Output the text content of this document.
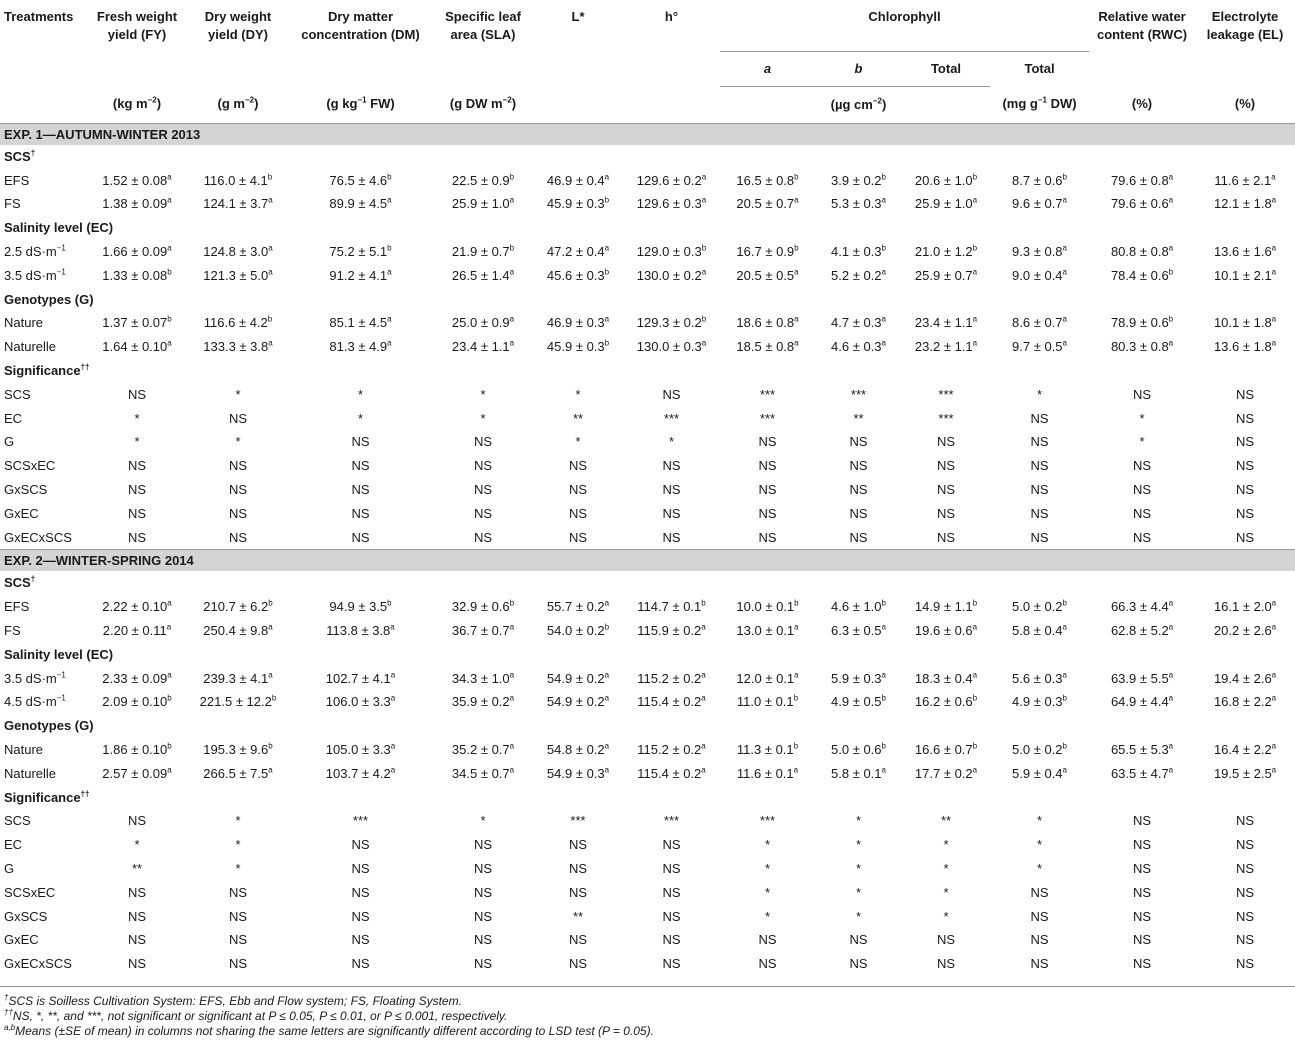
Treatments	Fresh weight yield (FY)	Dry weight yield (DY)	Dry matter concentration (DM)	Specific leaf area (SLA)	L*	h°	Chlorophyll				Relative water content (RWC)	Electrolyte leakage (EL)
							a	b	Total	Total		
	(kg $m^{-2}$)	(g $m^{-2}$)	(g $kg^{-1}$ FW)	(g DW $m^{-2}$)				(µg $cm^{-2}$)		(mg $g^{-1}$ DW)	(%)	(%)
EXP. 1—AUTUMN-WINTER 2013												
SCS†
EFS	1.52 ± 0.08$^a$	116.0 ± 4.1$^b$	76.5 ± 4.6$^b$	22.5 ± 0.9$^b$	46.9 ± 0.4$^a$	129.6 ± 0.2$^a$	16.5 ± 0.8$^b$	3.9 ± 0.2$^b$	20.6 ± 1.0$^b$	8.7 ± 0.6$^b$	79.6 ± 0.8$^a$	11.6 ± 2.1$^a$
FS	1.38 ± 0.09$^a$	124.1 ± 3.7$^a$	89.9 ± 4.5$^a$	25.9 ± 1.0$^a$	45.9 ± 0.3$^b$	129.6 ± 0.3$^a$	20.5 ± 0.7$^a$	5.3 ± 0.3$^a$	25.9 ± 1.0$^a$	9.6 ± 0.7$^a$	79.6 ± 0.6$^a$	12.1 ± 1.8$^a$
Salinity level (EC)												
2.5 $dS\cdot m^{-1}$	1.66 ± 0.09$^a$	124.8 ± 3.0$^a$	75.2 ± 5.1$^b$	21.9 ± 0.7$^b$	47.2 ± 0.4$^a$	129.0 ± 0.3$^b$	16.7 ± 0.9$^b$	4.1 ± 0.3$^b$	21.0 ± 1.2$^b$	9.3 ± 0.8$^a$	80.8 ± 0.8$^a$	13.6 ± 1.6$^a$
3.5 $dS\cdot m^{-1}$	1.33 ± 0.08$^b$	121.3 ± 5.0$^a$	91.2 ± 4.1$^a$	26.5 ± 1.4$^a$	45.6 ± 0.3$^b$	130.0 ± 0.2$^a$	20.5 ± 0.5$^a$	5.2 ± 0.2$^a$	25.9 ± 0.7$^a$	9.0 ± 0.4$^a$	78.4 ± 0.6$^b$	10.1 ± 2.1$^a$
Genotypes (G)												
Nature	1.37 ± 0.07$^b$	116.6 ± 4.2$^b$	85.1 ± 4.5$^a$	25.0 ± 0.9$^a$	46.9 ± 0.3$^a$	129.3 ± 0.2$^b$	18.6 ± 0.8$^a$	4.7 ± 0.3$^a$	23.4 ± 1.1$^a$	8.6 ± 0.7$^a$	78.9 ± 0.6$^b$	10.1 ± 1.8$^a$
Naturelle	1.64 ± 0.10$^a$	133.3 ± 3.8$^a$	81.3 ± 4.9$^a$	23.4 ± 1.1$^a$	45.9 ± 0.3$^b$	130.0 ± 0.3$^a$	18.5 ± 0.8$^a$	4.6 ± 0.3$^a$	23.2 ± 1.1$^a$	9.7 ± 0.5$^a$	80.3 ± 0.8$^a$	13.6 ± 1.8$^a$
Significance††
SCS	NS	*	*	*	*	NS	***	***	***	*	NS	NS
EC	*	NS	*	*	**	***	***	**	***	NS	*	NS
G	*	*	NS	NS	*	*	NS	NS	NS	NS	*	NS
SCSxEC	NS	NS	NS	NS	NS	NS	NS	NS	NS	NS	NS	NS
GxSCS	NS	NS	NS	NS	NS	NS	NS	NS	NS	NS	NS	NS
GxEC	NS	NS	NS	NS	NS	NS	NS	NS	NS	NS	NS	NS
GxECxSCS	NS	NS	NS	NS	NS	NS	NS	NS	NS	NS	NS	NS
EXP. 2—WINTER-SPRING 2014												
SCS†
EFS	2.22 ± 0.10$^a$	210.7 ± 6.2$^b$	94.9 ± 3.5$^b$	32.9 ± 0.6$^b$	55.7 ± 0.2$^a$	114.7 ± 0.1$^b$	10.0 ± 0.1$^b$	4.6 ± 1.0$^b$	14.9 ± 1.1$^b$	5.0 ± 0.2$^b$	66.3 ± 4.4$^a$	16.1 ± 2.0$^a$
FS	2.20 ± 0.11$^a$	250.4 ± 9.8$^a$	113.8 ± 3.8$^a$	36.7 ± 0.7$^a$	54.0 ± 0.2$^b$	115.9 ± 0.2$^a$	13.0 ± 0.1$^a$	6.3 ± 0.5$^a$	19.6 ± 0.6$^a$	5.8 ± 0.4$^a$	62.8 ± 5.2$^a$	20.2 ± 2.6$^a$
Salinity level (EC)												
3.5 $dS\cdot m^{-1}$	2.33 ± 0.09$^a$	239.3 ± 4.1$^a$	102.7 ± 4.1$^a$	34.3 ± 1.0$^a$	54.9 ± 0.2$^a$	115.2 ± 0.2$^a$	12.0 ± 0.1$^a$	5.9 ± 0.3$^a$	18.3 ± 0.4$^a$	5.6 ± 0.3$^a$	63.9 ± 5.5$^a$	19.4 ± 2.6$^a$
4.5 $dS\cdot m^{-1}$	2.09 ± 0.10$^b$	221.5 ± 12.2$^b$	106.0 ± 3.3$^a$	35.9 ± 0.2$^a$	54.9 ± 0.2$^a$	115.4 ± 0.2$^a$	11.0 ± 0.1$^b$	4.9 ± 0.5$^b$	16.2 ± 0.6$^b$	4.9 ± 0.3$^b$	64.9 ± 4.4$^a$	16.8 ± 2.2$^a$
Genotypes (G)												
Nature	1.86 ± 0.10$^b$	195.3 ± 9.6$^b$	105.0 ± 3.3$^a$	35.2 ± 0.7$^a$	54.8 ± 0.2$^a$	115.2 ± 0.2$^a$	11.3 ± 0.1$^b$	5.0 ± 0.6$^b$	16.6 ± 0.7$^b$	5.0 ± 0.2$^b$	65.5 ± 5.3$^a$	16.4 ± 2.2$^a$
Naturelle	2.57 ± 0.09$^a$	266.5 ± 7.5$^a$	103.7 ± 4.2$^a$	34.5 ± 0.7$^a$	54.9 ± 0.3$^a$	115.4 ± 0.2$^a$	11.6 ± 0.1$^a$	5.8 ± 0.1$^a$	17.7 ± 0.2$^a$	5.9 ± 0.4$^a$	63.5 ± 4.7$^a$	19.5 ± 2.5$^a$
Significance††
SCS	NS	*	***	*	***	***	***	*	**	*	NS	NS
EC	*	*	NS	NS	NS	NS	*	*	*	*	NS	NS
G	**	*	NS	NS	NS	NS	*	*	*	*	NS	NS
SCSxEC	NS	NS	NS	NS	NS	NS	*	*	*	NS	NS	NS
GxSCS	NS	NS	NS	NS	**	NS	*	*	*	NS	NS	NS
GxEC	NS	NS	NS	NS	NS	NS	NS	NS	NS	NS	NS	NS
GxECxSCS	NS	NS	NS	NS	NS	NS	NS	NS	NS	NS	NS	NS
†SCS is Soilless Cultivation System: EFS, Ebb and Flow system; FS, Floating System.
††NS, *, **, and ***, not significant or significant at P ≤ 0.05, P ≤ 0.01, or P ≤ 0.001, respectively.
$^{a,b}$Means (±SE of mean) in columns not sharing the same letters are significantly different according to LSD test (P = 0.05).
